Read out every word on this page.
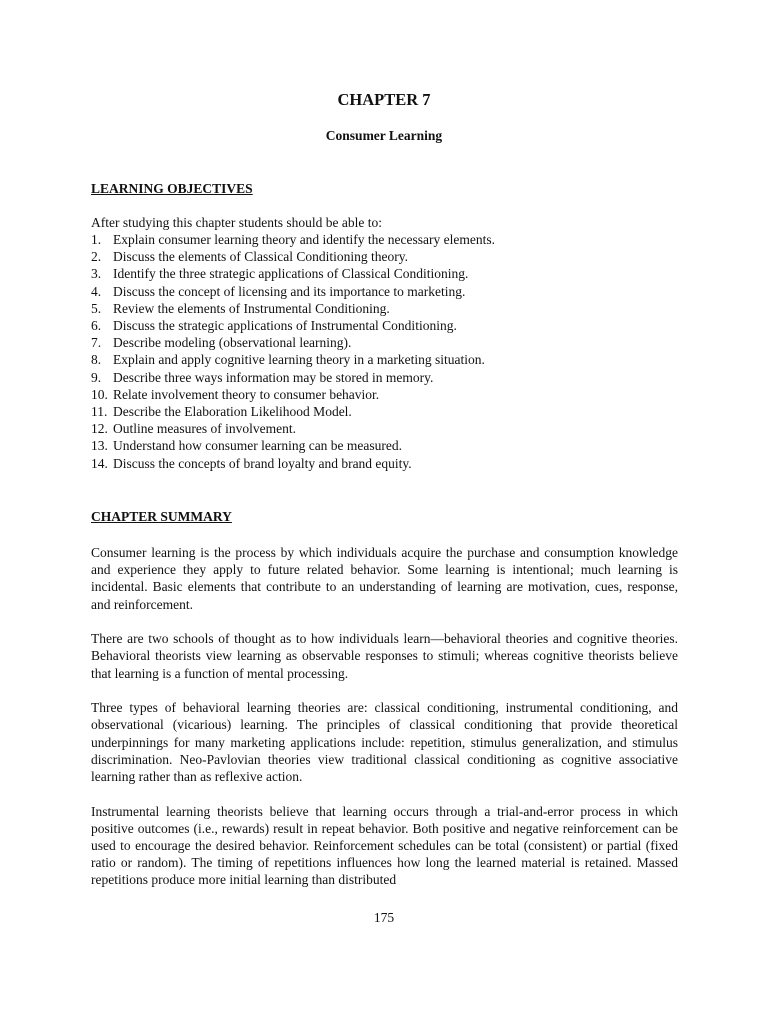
CHAPTER 7
Consumer Learning
LEARNING OBJECTIVES
After studying this chapter students should be able to:
1. Explain consumer learning theory and identify the necessary elements.
2. Discuss the elements of Classical Conditioning theory.
3. Identify the three strategic applications of Classical Conditioning.
4. Discuss the concept of licensing and its importance to marketing.
5. Review the elements of Instrumental Conditioning.
6. Discuss the strategic applications of Instrumental Conditioning.
7. Describe modeling (observational learning).
8. Explain and apply cognitive learning theory in a marketing situation.
9. Describe three ways information may be stored in memory.
10. Relate involvement theory to consumer behavior.
11. Describe the Elaboration Likelihood Model.
12. Outline measures of involvement.
13. Understand how consumer learning can be measured.
14. Discuss the concepts of brand loyalty and brand equity.
CHAPTER SUMMARY

Consumer learning is the process by which individuals acquire the purchase and consumption knowledge and experience they apply to future related behavior. Some learning is intentional; much learning is incidental. Basic elements that contribute to an understanding of learning are motivation, cues, response, and reinforcement.

There are two schools of thought as to how individuals learn—behavioral theories and cognitive theories. Behavioral theorists view learning as observable responses to stimuli; whereas cognitive theorists believe that learning is a function of mental processing.

Three types of behavioral learning theories are: classical conditioning, instrumental conditioning, and observational (vicarious) learning. The principles of classical conditioning that provide theoretical underpinnings for many marketing applications include: repetition, stimulus generalization, and stimulus discrimination. Neo-Pavlovian theories view traditional classical conditioning as cognitive associative learning rather than as reflexive action.

Instrumental learning theorists believe that learning occurs through a trial-and-error process in which positive outcomes (i.e., rewards) result in repeat behavior. Both positive and negative reinforcement can be used to encourage the desired behavior. Reinforcement schedules can be total (consistent) or partial (fixed ratio or random). The timing of repetitions influences how long the learned material is retained. Massed repetitions produce more initial learning than distributed

175
